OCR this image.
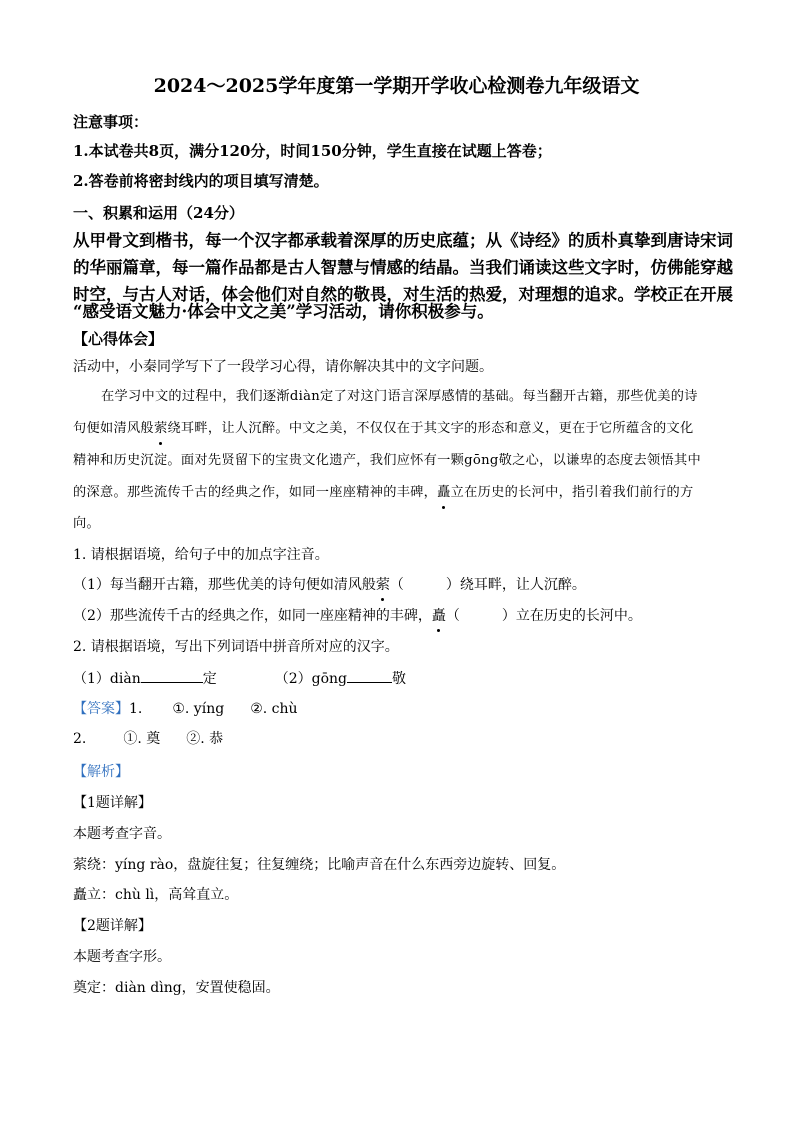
2024～2025学年度第一学期开学收心检测卷九年级语文
注意事项：
1.本试卷共8页，满分120分，时间150分钟，学生直接在试题上答卷；
2.答卷前将密封线内的项目填写清楚。
一、积累和运用（24分）
从甲骨文到楷书，每一个汉字都承载着深厚的历史底蕴；从《诗经》的质朴真挚到唐诗宋词
的华丽篇章，每一篇作品都是古人智慧与情感的结晶。当我们诵读这些文字时，仿佛能穿越
时空，与古人对话，体会他们对自然的敬畏，对生活的热爱，对理想的追求。学校正在开展
“感受语文魅力·体会中文之美”学习活动，请你积极参与。
【心得体会】
活动中，小秦同学写下了一段学习心得，请你解决其中的文字问题。
在学习中文的过程中，我们逐渐diàn定了对这门语言深厚感情的基础。每当翻开古籍，那些优美的诗
句便如清风般萦绕耳畔，让人沉醉。中文之美，不仅仅在于其文字的形态和意义，更在于它所蕴含的文化
精神和历史沉淀。面对先贤留下的宝贵文化遗产，我们应怀有一颗gōng敬之心，以谦卑的态度去领悟其中
的深意。那些流传千古的经典之作，如同一座座精神的丰碑，矗立在历史的长河中，指引着我们前行的方
向。
1. 请根据语境，给句子中的加点字注音。
（1）每当翻开古籍，那些优美的诗句便如清风般萦（	）绕耳畔，让人沉醉。
（2）那些流传千古的经典之作，如同一座座精神的丰碑，矗（	）立在历史的长河中。
2. 请根据语境，写出下列词语中拼音所对应的汉字。
（1）diàn	定	（2）gōng	敬
【答案】1. ①. yíng ②. chù
2.	①. 奠 ②. 恭
【解析】
【1题详解】
本题考查字音。
萦绕：yíng rào，盘旋往复；往复缠绕；比喻声音在什么东西旁边旋转、回复。
矗立：chù lì，高耸直立。
【2题详解】
本题考查字形。
奠定：diàn dìng，安置使稳固。
